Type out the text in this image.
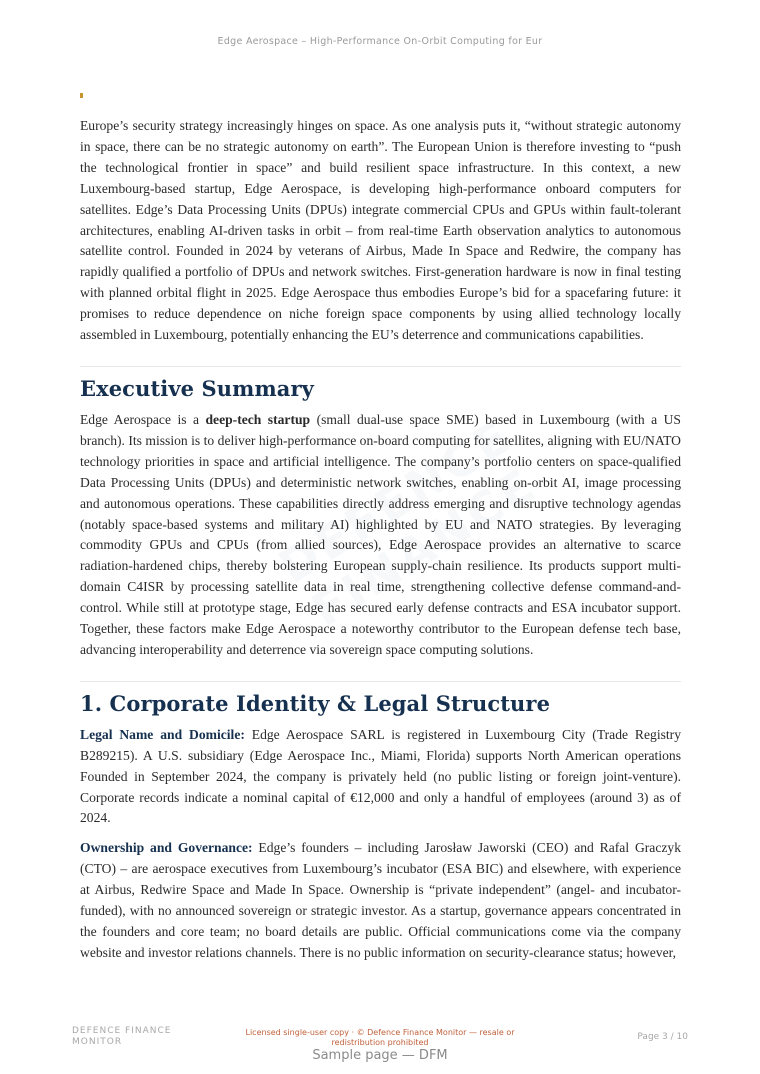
Edge Aerospace – High-Performance On-Orbit Computing for Eur

Europe’s security strategy increasingly hinges on space. As one analysis puts it, “without strategic autonomy in space, there can be no strategic autonomy on earth”. The European Union is therefore investing to “push the technological frontier in space” and build resilient space infrastructure. In this context, a new Luxembourg-based startup, Edge Aerospace, is developing high-performance onboard computers for satellites. Edge’s Data Processing Units (DPUs) integrate commercial CPUs and GPUs within fault-tolerant architectures, enabling AI-driven tasks in orbit – from real-time Earth observation analytics to autonomous satellite control. Founded in 2024 by veterans of Airbus, Made In Space and Redwire, the company has rapidly qualified a portfolio of DPUs and network switches. First-generation hardware is now in final testing with planned orbital flight in 2025. Edge Aerospace thus embodies Europe’s bid for a spacefaring future: it promises to reduce dependence on niche foreign space components by using allied technology locally assembled in Luxembourg, potentially enhancing the EU’s deterrence and communications capabilities.

Executive Summary

Edge Aerospace is a deep-tech startup (small dual-use space SME) based in Luxembourg (with a US branch). Its mission is to deliver high-performance on-board computing for satellites, aligning with EU/NATO technology priorities in space and artificial intelligence. The company’s portfolio centers on space-qualified Data Processing Units (DPUs) and deterministic network switches, enabling on-orbit AI, image processing and autonomous operations. These capabilities directly address emerging and disruptive technology agendas (notably space-based systems and military AI) highlighted by EU and NATO strategies. By leveraging commodity GPUs and CPUs (from allied sources), Edge Aerospace provides an alternative to scarce radiation-hardened chips, thereby bolstering European supply-chain resilience. Its products support multi-domain C4ISR by processing satellite data in real time, strengthening collective defense command-and-control. While still at prototype stage, Edge has secured early defense contracts and ESA incubator support. Together, these factors make Edge Aerospace a noteworthy contributor to the European defense tech base, advancing interoperability and deterrence via sovereign space computing solutions.

1. Corporate Identity & Legal Structure

Legal Name and Domicile: Edge Aerospace SARL is registered in Luxembourg City (Trade Registry B289215). A U.S. subsidiary (Edge Aerospace Inc., Miami, Florida) supports North American operations Founded in September 2024, the company is privately held (no public listing or foreign joint-venture). Corporate records indicate a nominal capital of €12,000 and only a handful of employees (around 3) as of 2024.

Ownership and Governance: Edge’s founders – including Jarosław Jaworski (CEO) and Rafal Graczyk (CTO) – are aerospace executives from Luxembourg’s incubator (ESA BIC) and elsewhere, with experience at Airbus, Redwire Space and Made In Space. Ownership is “private independent” (angel- and incubator-funded), with no announced sovereign or strategic investor. As a startup, governance appears concentrated in the founders and core team; no board details are public. Official communications come via the company website and investor relations channels. There is no public information on security-clearance status; however,

DEFENCE FINANCE MONITOR
Licensed single-user copy · © Defence Finance Monitor — resale or redistribution prohibited
Page 3 / 10
Sample page — DFM
